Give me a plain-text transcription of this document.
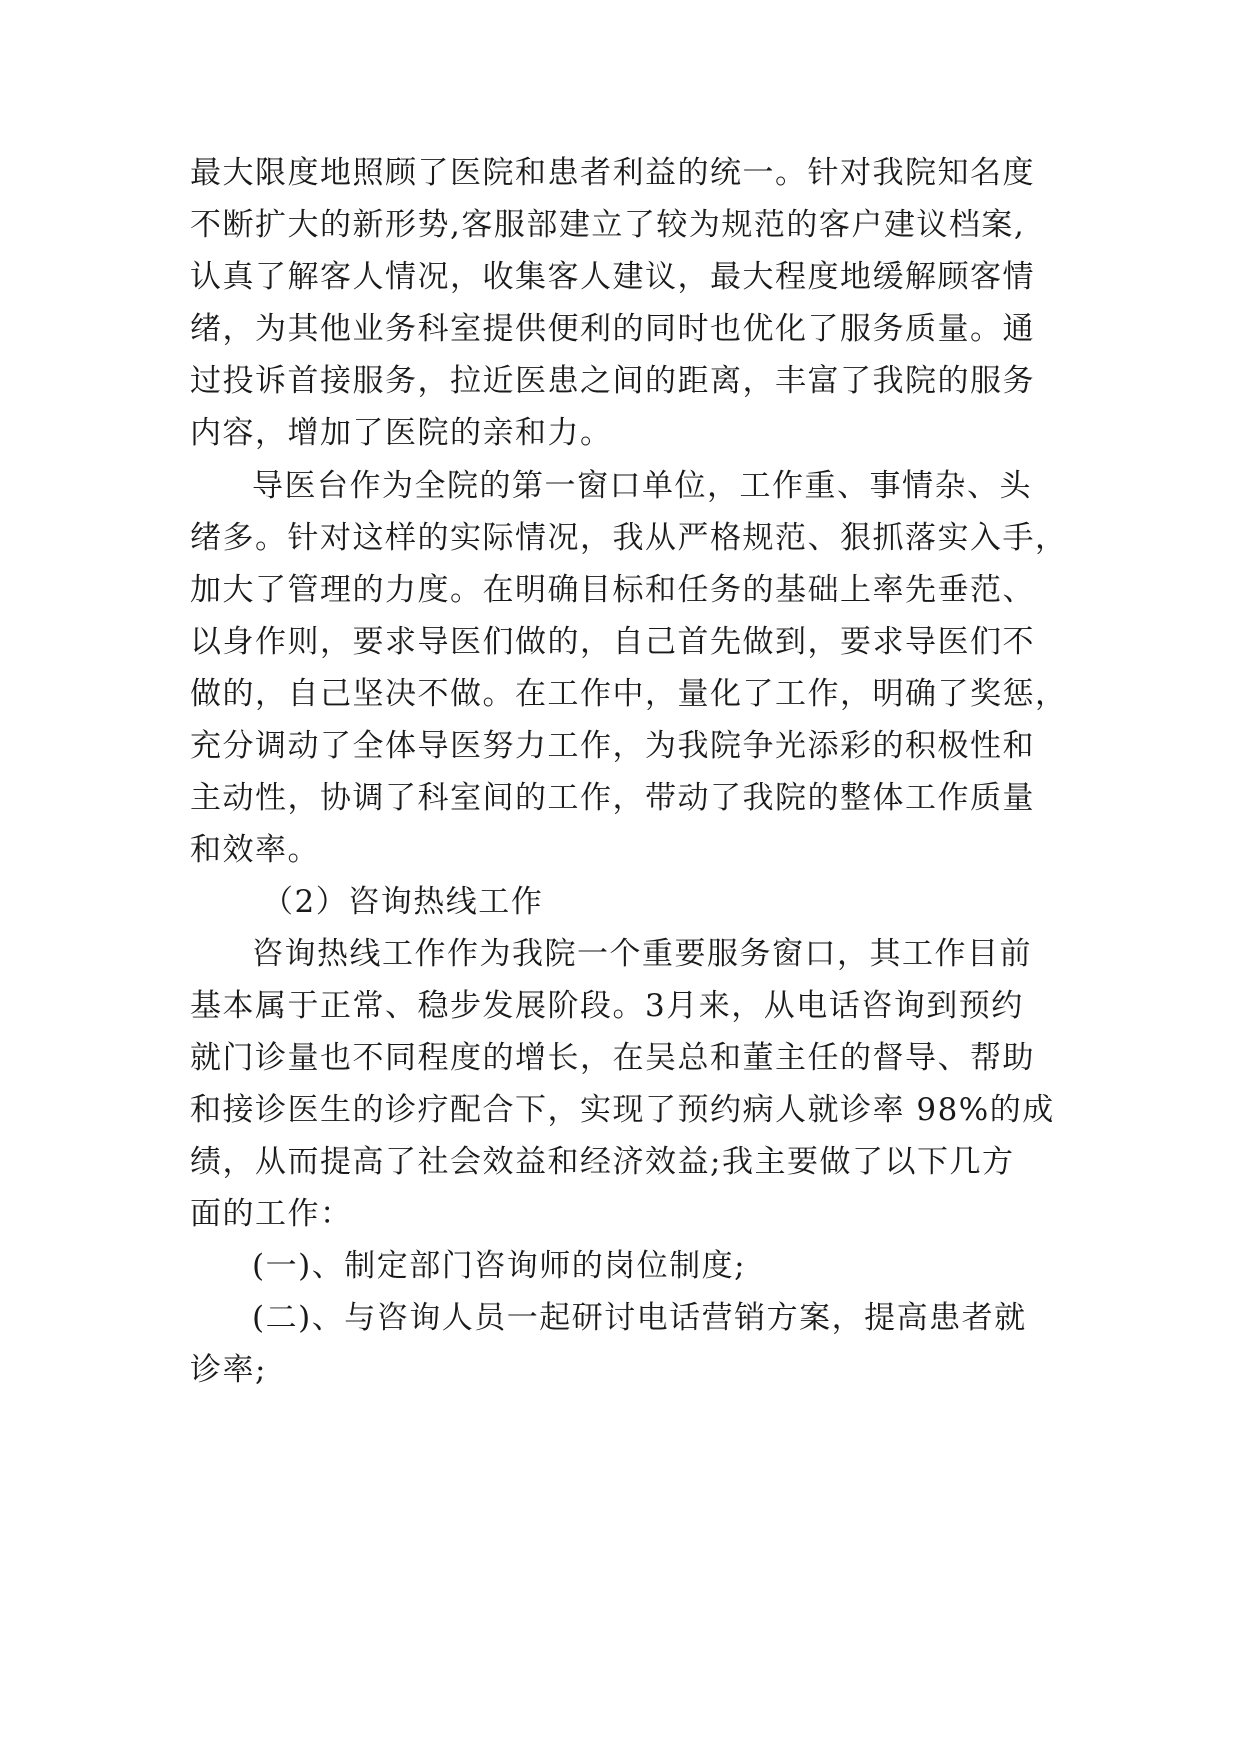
最大限度地照顾了医院和患者利益的统一。针对我院知名度
不断扩大的新形势,客服部建立了较为规范的客户建议档案,
认真了解客人情况，收集客人建议，最大程度地缓解顾客情
绪，为其他业务科室提供便利的同时也优化了服务质量。通
过投诉首接服务，拉近医患之间的距离，丰富了我院的服务
内容，增加了医院的亲和力。
导医台作为全院的第一窗口单位，工作重、事情杂、头
绪多。针对这样的实际情况，我从严格规范、狠抓落实入手，
加大了管理的力度。在明确目标和任务的基础上率先垂范、
以身作则，要求导医们做的，自己首先做到，要求导医们不
做的，自己坚决不做。在工作中，量化了工作，明确了奖惩，
充分调动了全体导医努力工作，为我院争光添彩的积极性和
主动性，协调了科室间的工作，带动了我院的整体工作质量
和效率。
（2）咨询热线工作
咨询热线工作作为我院一个重要服务窗口，其工作目前
基本属于正常、稳步发展阶段。3月来，从电话咨询到预约
就门诊量也不同程度的增长，在吴总和董主任的督导、帮助
和接诊医生的诊疗配合下，实现了预约病人就诊率 98%的成
绩，从而提高了社会效益和经济效益;我主要做了以下几方
面的工作：
(一)、制定部门咨询师的岗位制度;
(二)、与咨询人员一起研讨电话营销方案，提高患者就
诊率;
